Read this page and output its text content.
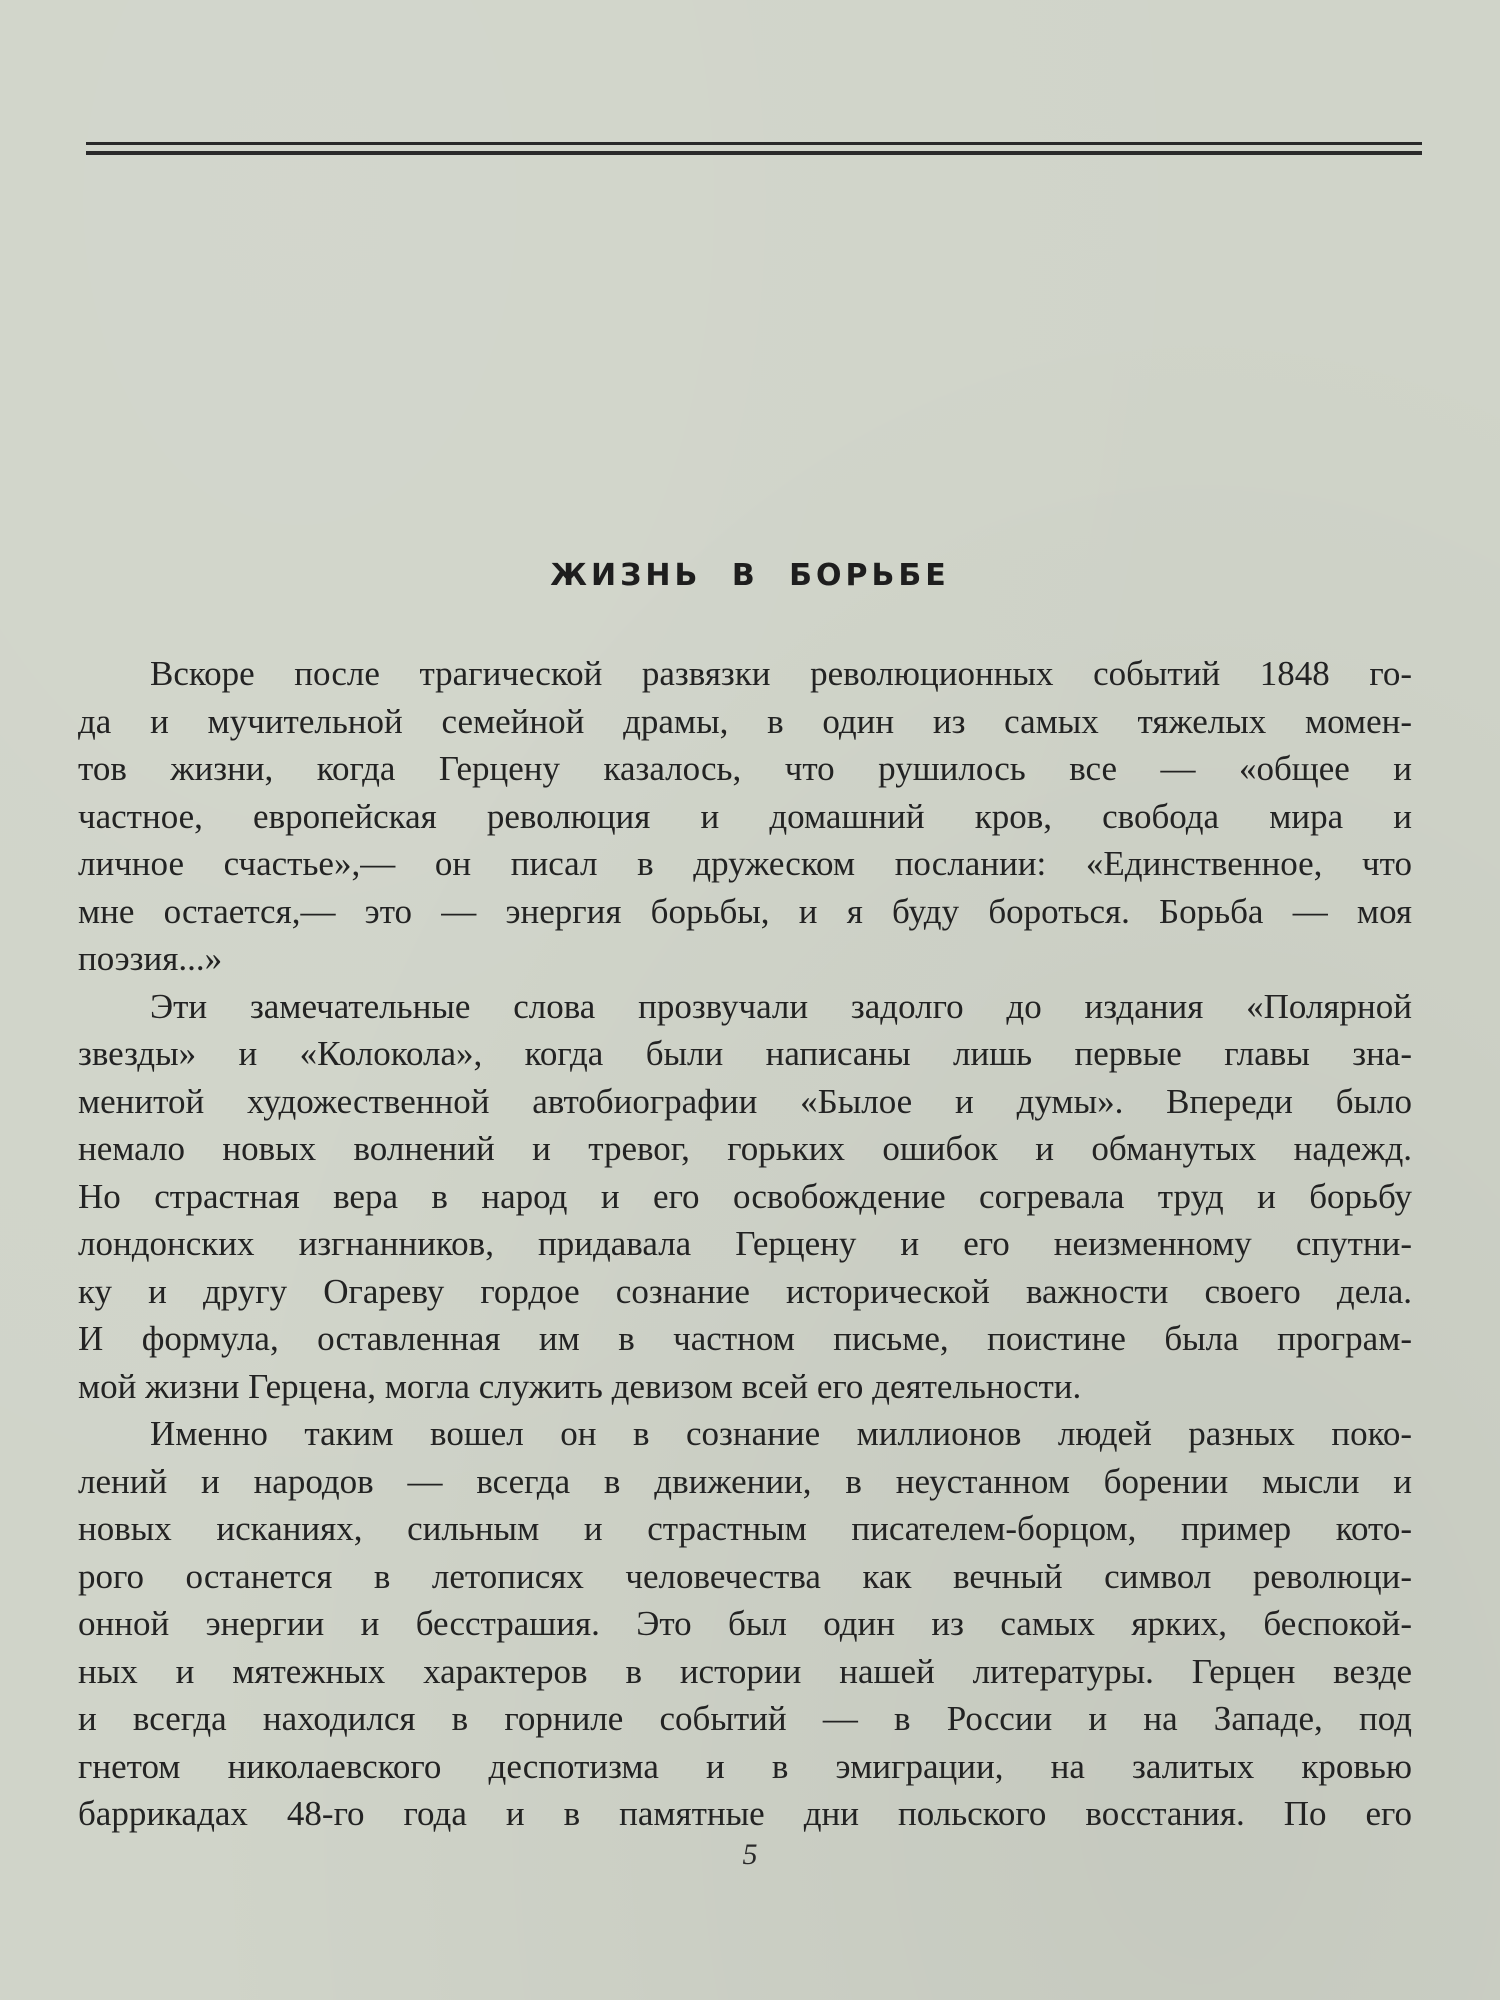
ЖИЗНЬ В БОРЬБЕ
Вскоре после трагической развязки революционных событий 1848 го-
да и мучительной семейной драмы, в один из самых тяжелых момен-
тов жизни, когда Герцену казалось, что рушилось все — «общее и
частное, европейская революция и домашний кров, свобода мира и
личное счастье»,— он писал в дружеском послании: «Единственное, что
мне остается,— это — энергия борьбы, и я буду бороться. Борьба — моя
поэзия...»
Эти замечательные слова прозвучали задолго до издания «Полярной
звезды» и «Колокола», когда были написаны лишь первые главы зна-
менитой художественной автобиографии «Былое и думы». Впереди было
немало новых волнений и тревог, горьких ошибок и обманутых надежд.
Но страстная вера в народ и его освобождение согревала труд и борьбу
лондонских изгнанников, придавала Герцену и его неизменному спутни-
ку и другу Огареву гордое сознание исторической важности своего дела.
И формула, оставленная им в частном письме, поистине была програм-
мой жизни Герцена, могла служить девизом всей его деятельности.
Именно таким вошел он в сознание миллионов людей разных поко-
лений и народов — всегда в движении, в неустанном борении мысли и
новых исканиях, сильным и страстным писателем-борцом, пример кото-
рого останется в летописях человечества как вечный символ революци-
онной энергии и бесстрашия. Это был один из самых ярких, беспокой-
ных и мятежных характеров в истории нашей литературы. Герцен везде
и всегда находился в горниле событий — в России и на Западе, под
гнетом николаевского деспотизма и в эмиграции, на залитых кровью
баррикадах 48-го года и в памятные дни польского восстания. По его
5
